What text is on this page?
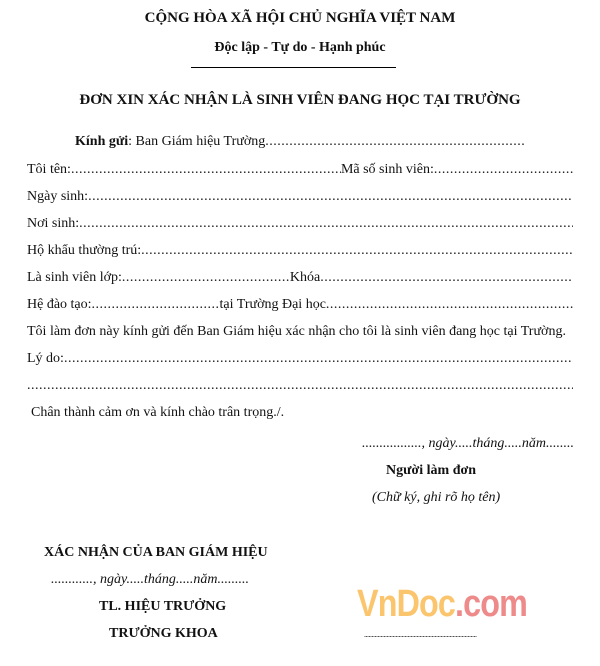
CỘNG HÒA XÃ HỘI CHỦ NGHĨA VIỆT NAM
Độc lập - Tự do - Hạnh phúc
ĐƠN XIN XÁC NHẬN LÀ SINH VIÊN ĐANG HỌC TẠI TRƯỜNG
Kính gửi : Ban Giám hiệu Trường
.....
Tôi tên: .....	Mã số sinh viên:
.....
Ngày sinh:
.....
Nơi sinh:
.....
Hộ khẩu thường trú:
.....
Là sinh viên lớp: .....	Khóa
.....
Hệ đào tạo: .....	tại Trường Đại học
.....
Tôi làm đơn này kính gửi đến Ban Giám hiệu xác nhận cho tôi là sinh viên đang học tại Trường.
Lý do:
.....
.....
Chân thành cảm ơn và kính chào trân trọng./.
................., ngày.....tháng.....năm........
Người làm đơn
(Chữ ký, ghi rõ họ tên)
XÁC NHẬN CỦA BAN GIÁM HIỆU
............, ngày.....tháng.....năm.........
TL. HIỆU TRƯỞNG
TRƯỞNG KHOA
VnDoc.com
...........................................................................
